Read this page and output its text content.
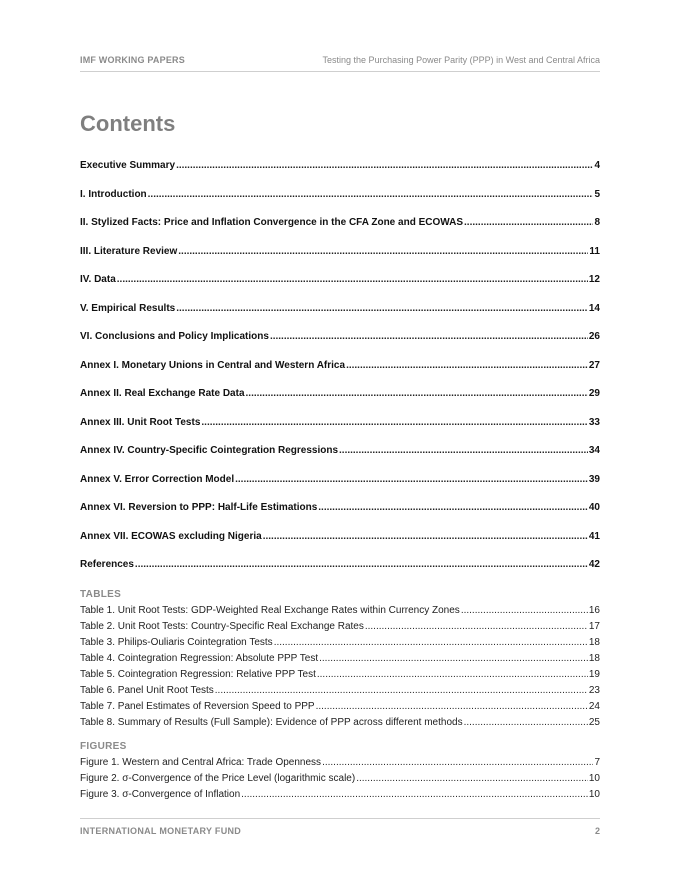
IMF WORKING PAPERS	Testing the Purchasing Power Parity (PPP) in West and Central Africa
Contents
Executive Summary .....	4
I. Introduction .....	5
II. Stylized Facts: Price and Inflation Convergence in the CFA Zone and ECOWAS .....	8
III. Literature Review .....	11
IV. Data .....	12
V. Empirical Results .....	14
VI. Conclusions and Policy Implications .....	26
Annex I. Monetary Unions in Central and Western Africa .....	27
Annex II. Real Exchange Rate Data .....	29
Annex III. Unit Root Tests .....	33
Annex IV. Country-Specific Cointegration Regressions .....	34
Annex V. Error Correction Model .....	39
Annex VI. Reversion to PPP: Half-Life Estimations .....	40
Annex VII. ECOWAS excluding Nigeria .....	41
References .....	42
TABLES
Table 1. Unit Root Tests: GDP-Weighted Real Exchange Rates within Currency Zones .....	16
Table 2. Unit Root Tests: Country-Specific Real Exchange Rates .....	17
Table 3. Philips-Ouliaris Cointegration Tests .....	18
Table 4. Cointegration Regression: Absolute PPP Test .....	18
Table 5. Cointegration Regression: Relative PPP Test .....	19
Table 6. Panel Unit Root Tests .....	23
Table 7. Panel Estimates of Reversion Speed to PPP .....	24
Table 8. Summary of Results (Full Sample): Evidence of PPP across different methods .....	25
FIGURES
Figure 1. Western and Central Africa: Trade Openness .....	7
Figure 2. σ-Convergence of the Price Level (logarithmic scale) .....	10
Figure 3. σ-Convergence of Inflation .....	10
INTERNATIONAL MONETARY FUND	2
